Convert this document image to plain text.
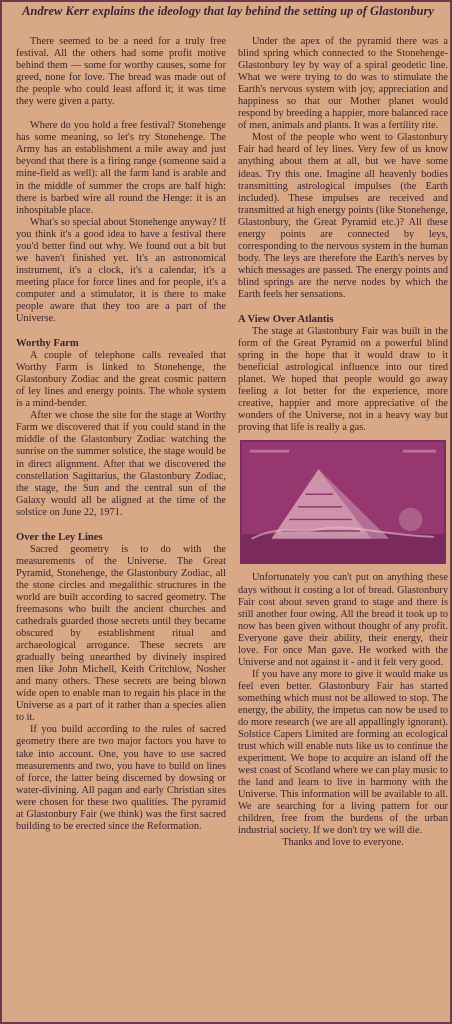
Andrew Kerr explains the ideology that lay behind the setting up of Glastonbury

There seemed to be a need for a truly free festival. All the others had some profit motive behind them — some for worthy causes, some for greed, none for love. The bread was made out of the people who could least afford it; it was time they were given a party.

Where do you hold a free festival? Stonehenge has some meaning, so let's try Stonehenge. The Army has an establishment a mile away and just beyond that there is a firing range (someone said a mine-field as well): all the farm land is arable and in the middle of summer the crops are half high: there is barbed wire all round the Henge: it is an inhospitable place.

What's so special about Stonehenge anyway? If you think it's a good idea to have a festival there you'd better find out why. We found out a bit but we haven't finished yet. It's an astronomical instrument, it's a clock, it's a calendar, it's a meeting place for force lines and for people, it's a computer and a stimulator, it is there to make people aware that they too are a part of the Universe.

Worthy Farm

A couple of telephone calls revealed that Worthy Farm is linked to Stonehenge, the Glastonbury Zodiac and the great cosmic pattern of ley lines and energy points. The whole system is a mind-bender.

After we chose the site for the stage at Worthy Farm we discovered that if you could stand in the middle of the Glastonbury Zodiac watching the sunrise on the summer solstice, the stage would be in direct alignment. After that we discovered the constellation Sagittarius, the Glastonbury Zodiac, the stage, the Sun and the central sun of the Galaxy would all be aligned at the time of the solstice on June 22, 1971.

Over the Ley Lines

Sacred geometry is to do with the measurements of the Universe. The Great Pyramid, Stonehenge, the Glastonbury Zodiac, all the stone circles and megalithic structures in the world are built according to sacred geometry. The freemasons who built the ancient churches and cathedrals guarded those secrets until they became obscured by establishment ritual and archaeological arrogance. These secrets are gradually being unearthed by divinely inspired men like John Michell, Keith Critchlow, Nosher and many others. These secrets are being blown wide open to enable man to regain his place in the Universe as a part of it rather than a species alien to it.

If you build according to the rules of sacred geometry there are two major factors you have to take into account. One, you have to use sacred measurements and two, you have to build on lines of force, the latter being discerned by dowsing or water-divining. All pagan and early Christian sites were chosen for these two qualities. The pyramid at Glastonbury Fair (we think) was the first sacred building to be erected since the Reformation.

Under the apex of the pyramid there was a blind spring which connected to the Stonehenge-Glastonbury ley by way of a spiral geodetic line. What we were trying to do was to stimulate the Earth's nervous system with joy, appreciation and happiness so that our Mother planet would respond by breeding a happier, more balanced race of men, animals and plants. It was a fertility rite.

Most of the people who went to Glastonbury Fair had heard of ley lines. Very few of us know anything about them at all, but we have some ideas. Try this one. Imagine all heavenly bodies transmitting astrological impulses (the Earth included). These impulses are received and transmitted at high energy points (like Stonehenge, Glastonbury, the Great Pyramid etc.)? All these energy points are connected by leys, corresponding to the nervous system in the human body. The leys are therefore the Earth's nerves by which messages are passed. The energy points and blind springs are the nerve nodes by which the Earth feels her sensations.

A View Over Atlantis

The stage at Glastonbury Fair was built in the form of the Great Pyramid on a powerful blind spring in the hope that it would draw to it beneficial astrological influence into our tired planet. We hoped that people would go away feeling a lot better for the experience, more creative, happier and more appreciative of the wonders of the Universe, not in a heavy way but proving that life is really a gas.

Unfortunately you can't put on anything these days without it costing a lot of bread. Glastonbury Fair cost about seven grand to stage and there is still another four owing. All the bread it took up to now has been given without thought of any profit. Everyone gave their ability, their energy, their love. For once Man gave. He worked with the Universe and not against it - and it felt very good.

If you have any more to give it would make us feel even better. Glastonbury Fair has started something which must not be allowed to stop. The energy, the ability, the impetus can now be used to do more research (we are all appallingly ignorant). Solstice Capers Limited are forming an ecological trust which will enable nuts like us to continue the experiment. We hope to acquire an island off the west coast of Scotland where we can play music to the land and learn to live in harmony with the Universe. This information will be available to all. We are searching for a living pattern for our children, free from the burdens of the urban industrial society. If we don't try we will die.

Thanks and love to everyone.
